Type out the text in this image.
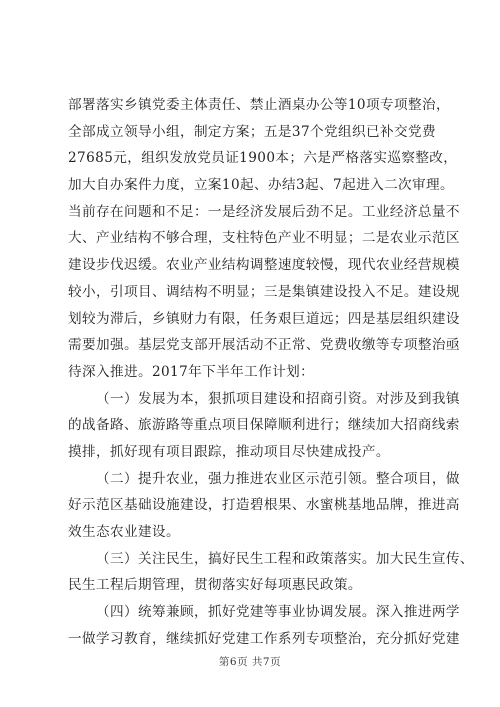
部署落实乡镇党委主体责任、禁止酒桌办公等10项专项整治，
全部成立领导小组，制定方案；五是37个党组织已补交党费
27685元，组织发放党员证1900本；六是严格落实巡察整改，
加大自办案件力度，立案10起、办结3起、7起进入二次审理。
当前存在问题和不足：一是经济发展后劲不足。工业经济总量不
大、产业结构不够合理，支柱特色产业不明显；二是农业示范区
建设步伐迟缓。农业产业结构调整速度较慢，现代农业经营规模
较小，引项目、调结构不明显；三是集镇建设投入不足。建设规
划较为滞后，乡镇财力有限，任务艰巨道远；四是基层组织建设
需要加强。基层党支部开展活动不正常、党费收缴等专项整治亟
待深入推进。2017年下半年工作计划：
（一）发展为本，狠抓项目建设和招商引资。对涉及到我镇
的战备路、旅游路等重点项目保障顺利进行；继续加大招商线索
摸排，抓好现有项目跟踪，推动项目尽快建成投产。
（二）提升农业，强力推进农业区示范引领。整合项目，做
好示范区基础设施建设，打造碧根果、水蜜桃基地品牌，推进高
效生态农业建设。
（三）关注民生，搞好民生工程和政策落实。加大民生宣传、
民生工程后期管理，贯彻落实好每项惠民政策。
（四）统筹兼顾，抓好党建等事业协调发展。深入推进两学
一做学习教育，继续抓好党建工作系列专项整治，充分抓好党建
第6页 共7页
